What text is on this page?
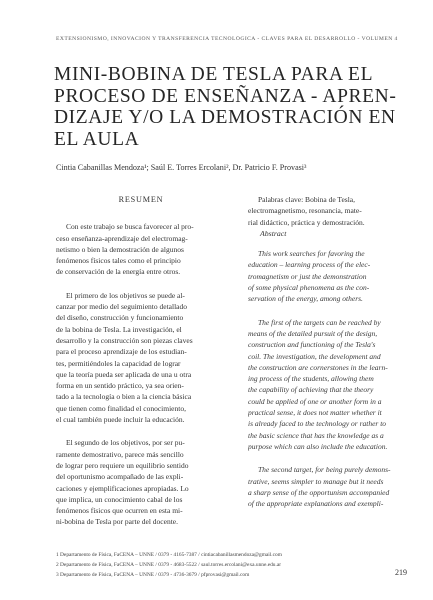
EXTENSIONISMO, INNOVACIÓN Y TRANSFERENCIA TECNOLÓGICA - CLAVES PARA EL DESARROLLO - VOLUMEN 4
MINI-BOBINA DE TESLA PARA EL
PROCESO DE ENSEÑANZA - APREN-
DIZAJE Y/O LA DEMOSTRACIÓN EN
EL AULA
Cintia Cabanillas Mendoza¹; Saúl E. Torres Ercolani², Dr. Patricio F. Provasi³
RESUMEN

Con este trabajo se busca favorecer al pro-
ceso enseñanza-aprendizaje del electromag-
netismo o bien la demostración de algunos
fenómenos físicos tales como el principio
de conservación de la energía entre otros.

El primero de los objetivos se puede al-
canzar por medio del seguimiento detallado
del diseño, construcción y funcionamiento
de la bobina de Tesla. La investigación, el
desarrollo y la construcción son piezas claves
para el proceso aprendizaje de los estudian-
tes, permitiéndoles la capacidad de lograr
que la teoría pueda ser aplicada de una u otra
forma en un sentido práctico, ya sea orien-
tado a la tecnología o bien a la ciencia básica
que tienen como finalidad el conocimiento,
el cual también puede incluir la educación.

El segundo de los objetivos, por ser pu-
ramente demostrativo, parece más sencillo
de lograr pero requiere un equilibrio sentido
del oportunismo acompañado de las expli-
caciones y ejemplificaciones apropiadas. Lo
que implica, un conocimiento cabal de los
fenómenos físicos que ocurren en esta mi-
ni-bobina de Tesla por parte del docente.

Palabras clave: Bobina de Tesla,
electromagnetismo, resonancia, mate-
rial didáctico, práctica y demostración.

Abstract

This work searches for favoring the
education – learning process of the elec-
tromagnetism or just the demonstration
of some physical phenomena as the con-
servation of the energy, among others.

The first of the targets can be reached by
means of the detailed pursuit of the design,
construction and functioning of the Tesla's
coil. The investigation, the development and
the construction are cornerstones in the learn-
ing process of the students, allowing them
the capability of achieving that the theory
could be applied of one or another form in a
practical sense, it does not matter whether it
is already faced to the technology or rather to
the basic science that has the knowledge as a
purpose which can also include the education.

The second target, for being purely demons-
trative, seems simpler to manage but it needs
a sharp sense of the opportunism accompanied
of the appropriate explanations and exempli-

1 Departamento de Física, FaCENA – UNNE / 0379 - 4165-7387 / cintiacabanillasmendoza@gmail.com
2 Departamento de Física, FaCENA – UNNE / 0379 - 4683-5522 / saul.torres.ercolani@exa.unne.edu.ar
3 Departamento de Física, FaCENA – UNNE / 0379 - 4736-3679 / pfprovasi@gmail.com	219
